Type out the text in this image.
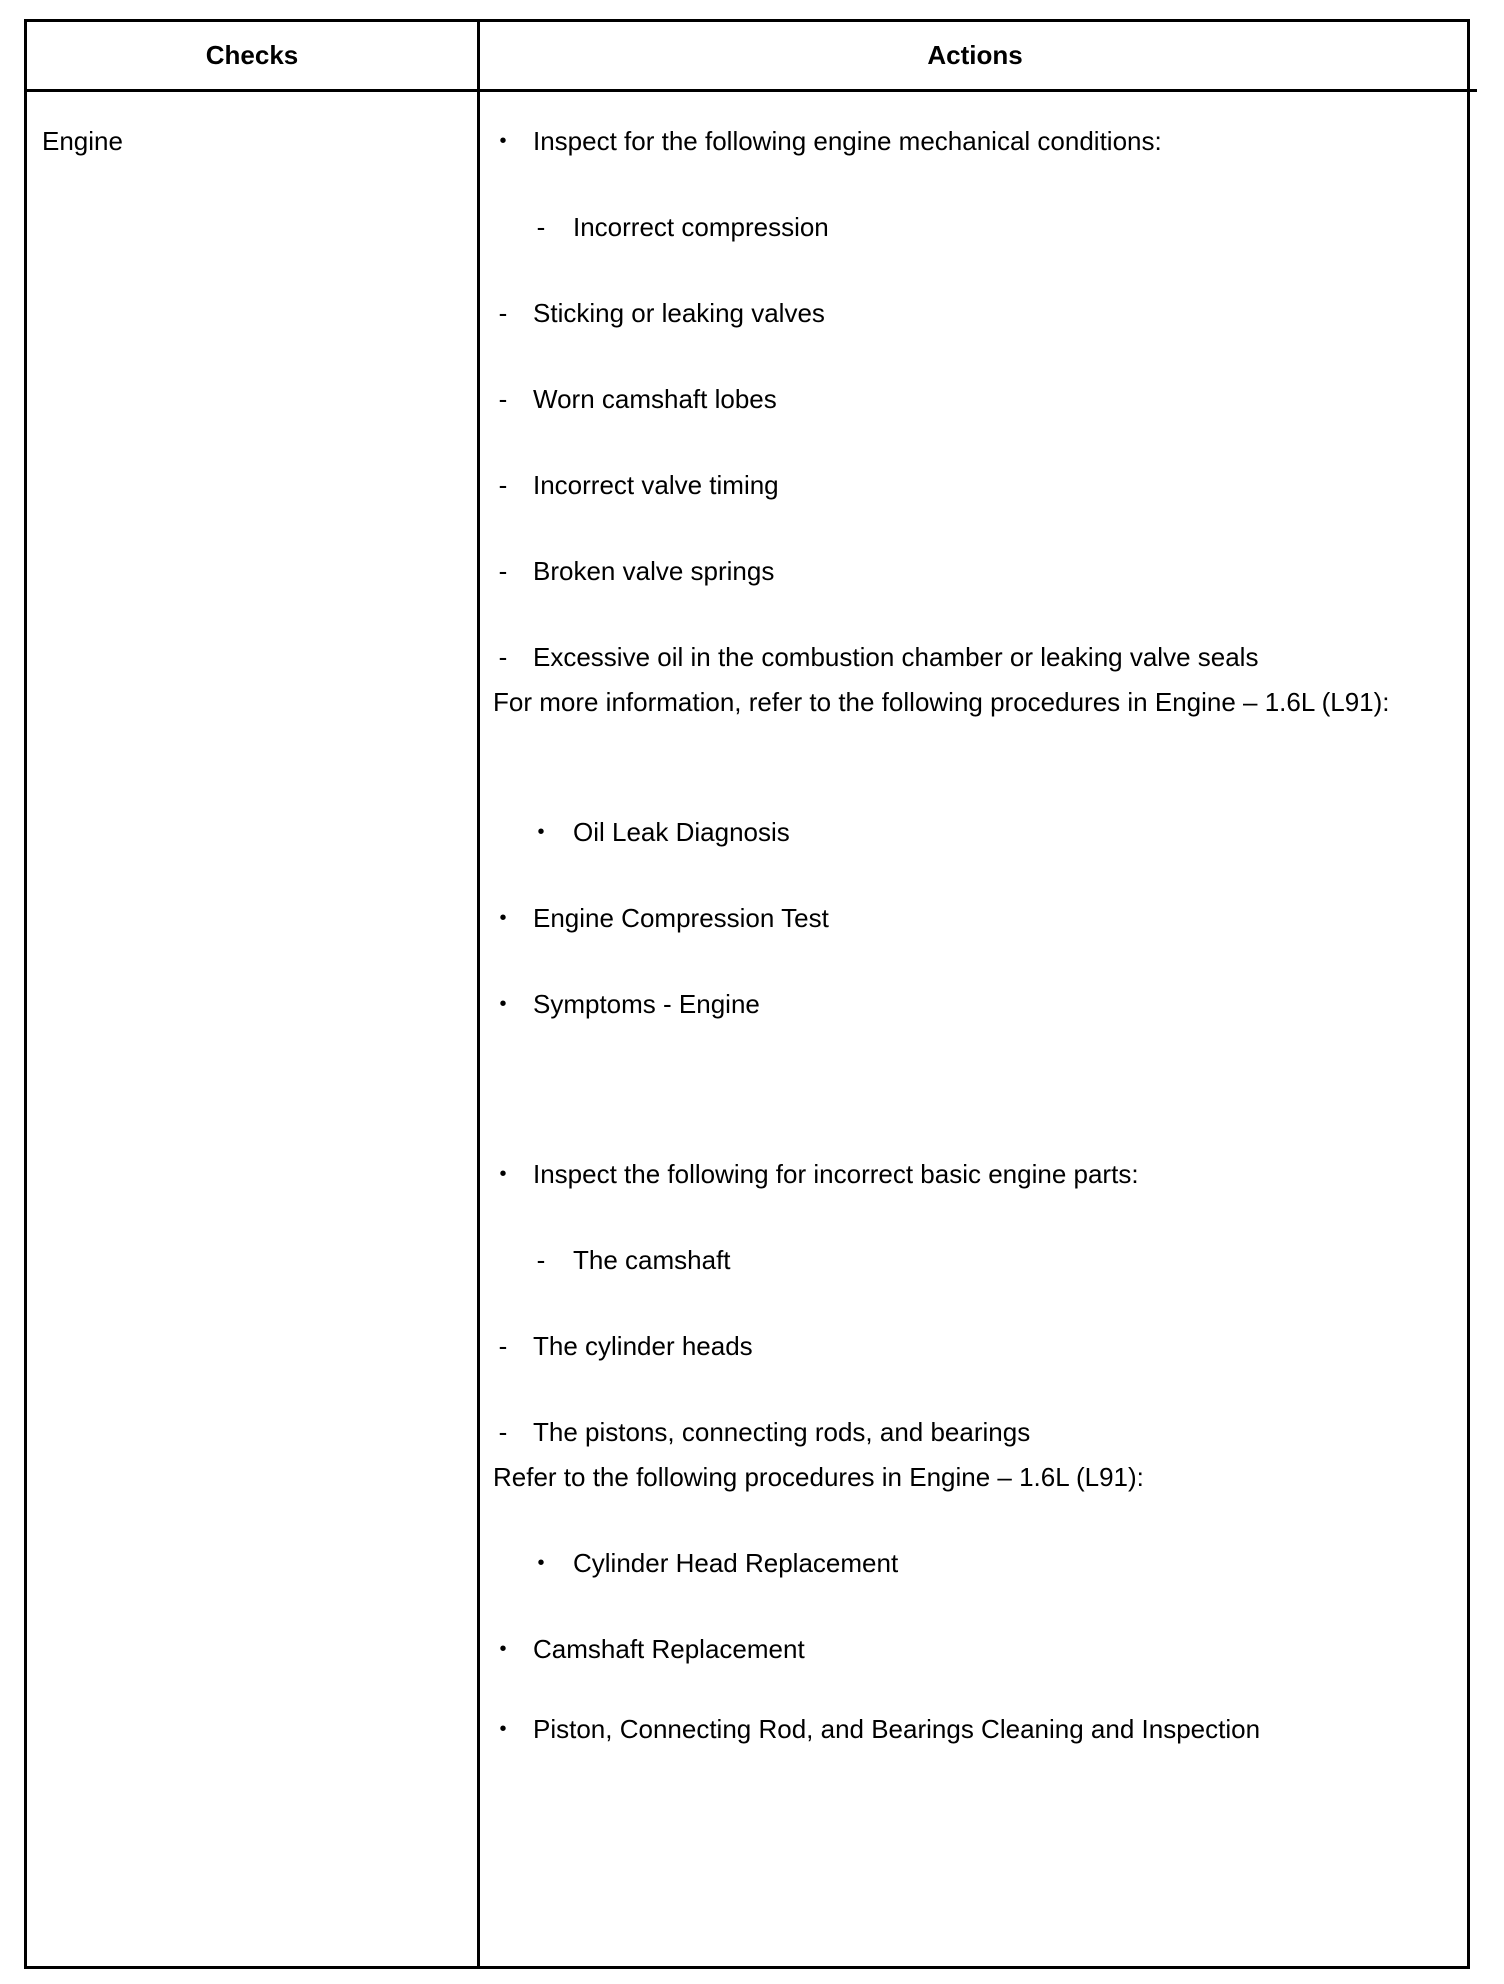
Checks	Actions
Engine	• Inspect for the following engine mechanical conditions:
- Incorrect compression
- Sticking or leaking valves
- Worn camshaft lobes
- Incorrect valve timing
- Broken valve springs
- Excessive oil in the combustion chamber or leaking valve seals
For more information, refer to the following procedures in Engine – 1.6L (L91):
• Oil Leak Diagnosis
• Engine Compression Test
• Symptoms - Engine
• Inspect the following for incorrect basic engine parts:
- The camshaft
- The cylinder heads
- The pistons, connecting rods, and bearings
Refer to the following procedures in Engine – 1.6L (L91):
• Cylinder Head Replacement
• Camshaft Replacement
• Piston, Connecting Rod, and Bearings Cleaning and Inspection
